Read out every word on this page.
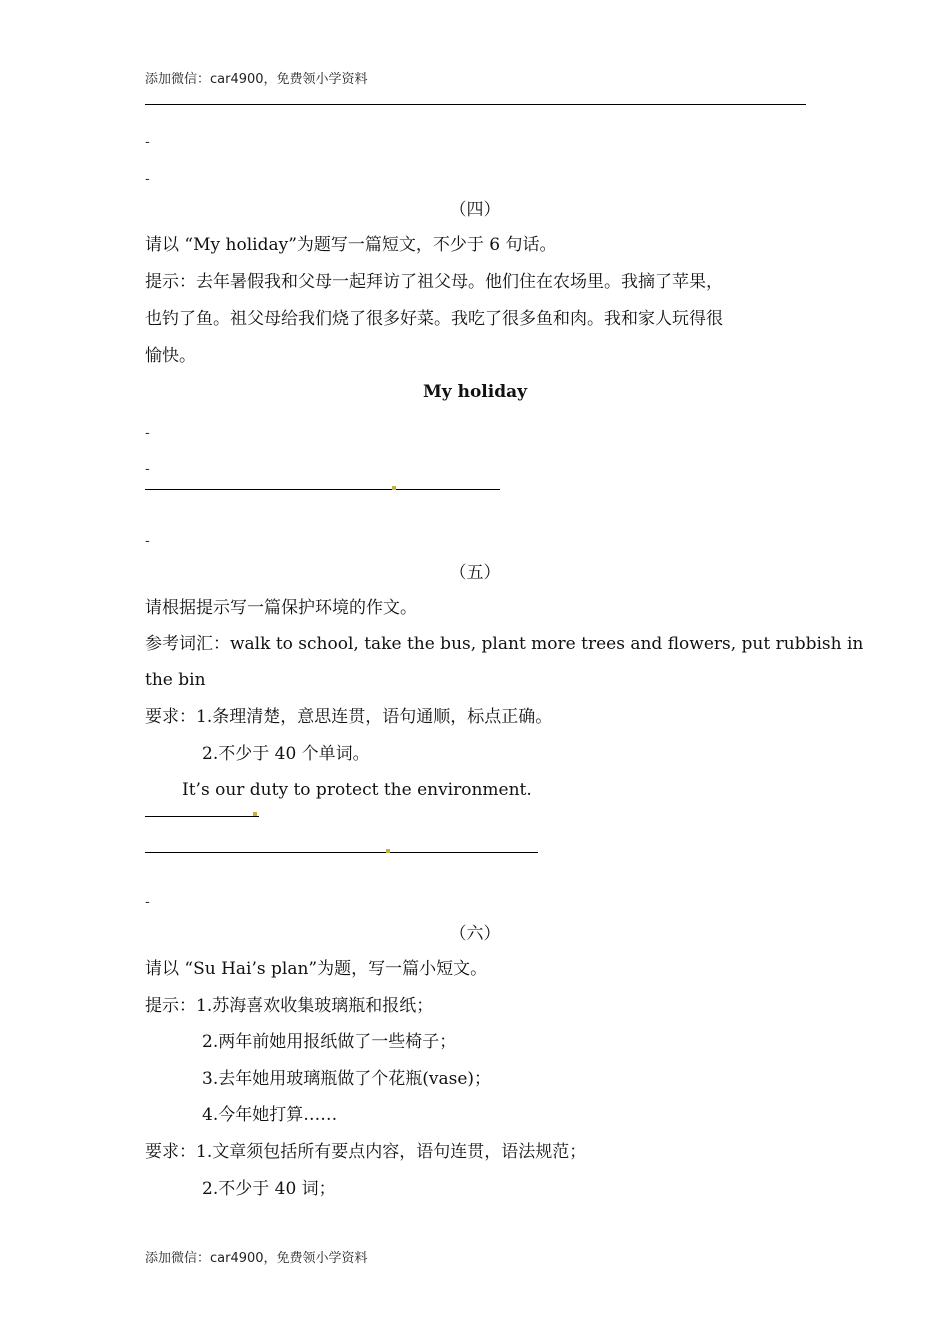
添加微信：car4900，免费领小学资料
-
-
（四）
请以 “My holiday”为题写一篇短文，不少于 6 句话。
提示：去年暑假我和父母一起拜访了祖父母。他们住在农场里。我摘了苹果，
也钓了鱼。祖父母给我们烧了很多好菜。我吃了很多鱼和肉。我和家人玩得很
愉快。
My holiday
-
-
-
（五）
请根据提示写一篇保护环境的作文。
参考词汇：walk to school, take the bus, plant more trees and flowers, put rubbish in
the bin
要求：1.条理清楚，意思连贯，语句通顺，标点正确。
2.不少于 40 个单词。
It’s our duty to protect the environment.
-
（六）
请以 “Su Hai’s plan”为题，写一篇小短文。
提示：1.苏海喜欢收集玻璃瓶和报纸；
2.两年前她用报纸做了一些椅子；
3.去年她用玻璃瓶做了个花瓶(vase)；
4.今年她打算……
要求：1.文章须包括所有要点内容，语句连贯，语法规范；
2.不少于 40 词；
添加微信：car4900，免费领小学资料
